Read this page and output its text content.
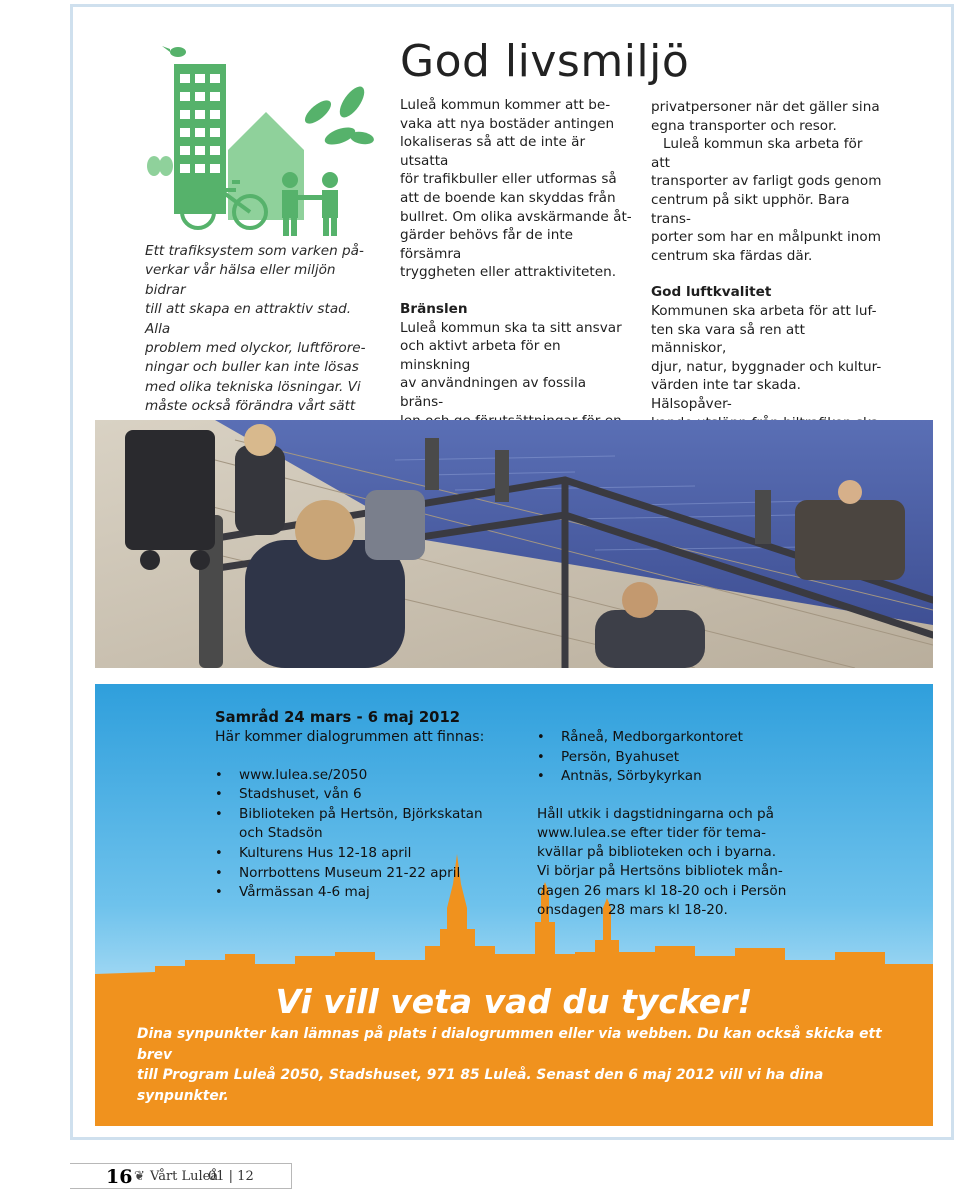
Ett trafiksystem som varken på-
verkar vår hälsa eller miljön bidrar
till att skapa en attraktiv stad. Alla
problem med olyckor, luftförore-
ningar och buller kan inte lösas
med olika tekniska lösningar. Vi
måste också förändra vårt sätt
God livsmiljö
Luleå kommun kommer att be-
vaka att nya bostäder antingen
lokaliseras så att de inte är utsatta
för trafikbuller eller utformas så
att de boende kan skyddas från
bullret. Om olika avskärmande åt-
gärder behövs får de inte försämra
tryggheten eller attraktiviteten.
Bränslen
Luleå kommun ska ta sitt ansvar
och aktivt arbeta för en minskning
av användningen av fossila bräns-
privatpersoner när det gäller sina
egna transporter och resor.
Luleå kommun ska arbeta för att
transporter av farligt gods genom
centrum på sikt upphör. Bara trans-
porter som har en målpunkt inom
centrum ska färdas där.
God luftkvalitet
Kommunen ska arbeta för att luf-
ten ska vara så ren att människor,
djur, natur, byggnader och kultur-
värden inte tar skada. Hälsopåver-

Samråd 24 mars - 6 maj 2012

Här kommer dialogrummen att finnas:

• www.lulea.se/2050
• Stadshuset, vån 6
• Biblioteken på Hertsön, Björkskatan
och Stadsön
• Kulturens Hus 12-18 april
• Norrbottens Museum 21-22 april
• Vårmässan 4-6 maj
• Råneå, Medborgarkontoret
• Persön, Byahuset
• Antnäs, Sörbykyrkan
Håll utkik i dagstidningarna och på
www.lulea.se efter tider för tema-
kvällar på biblioteken och i byarna.
Vi börjar på Hertsöns bibliotek mån-
dagen 26 mars kl 18-20 och i Persön
onsdagen 28 mars kl 18-20.

Vi vill veta vad du tycker!

Dina synpunkter kan lämnas på plats i dialogrummen eller via webben. Du kan också skicka ett brev
till Program Luleå 2050, Stadshuset, 971 85 Luleå. Senast den 6 maj 2012 vill vi ha dina synpunkter.
16 ❦ Vårt Luleå
01 | 12
